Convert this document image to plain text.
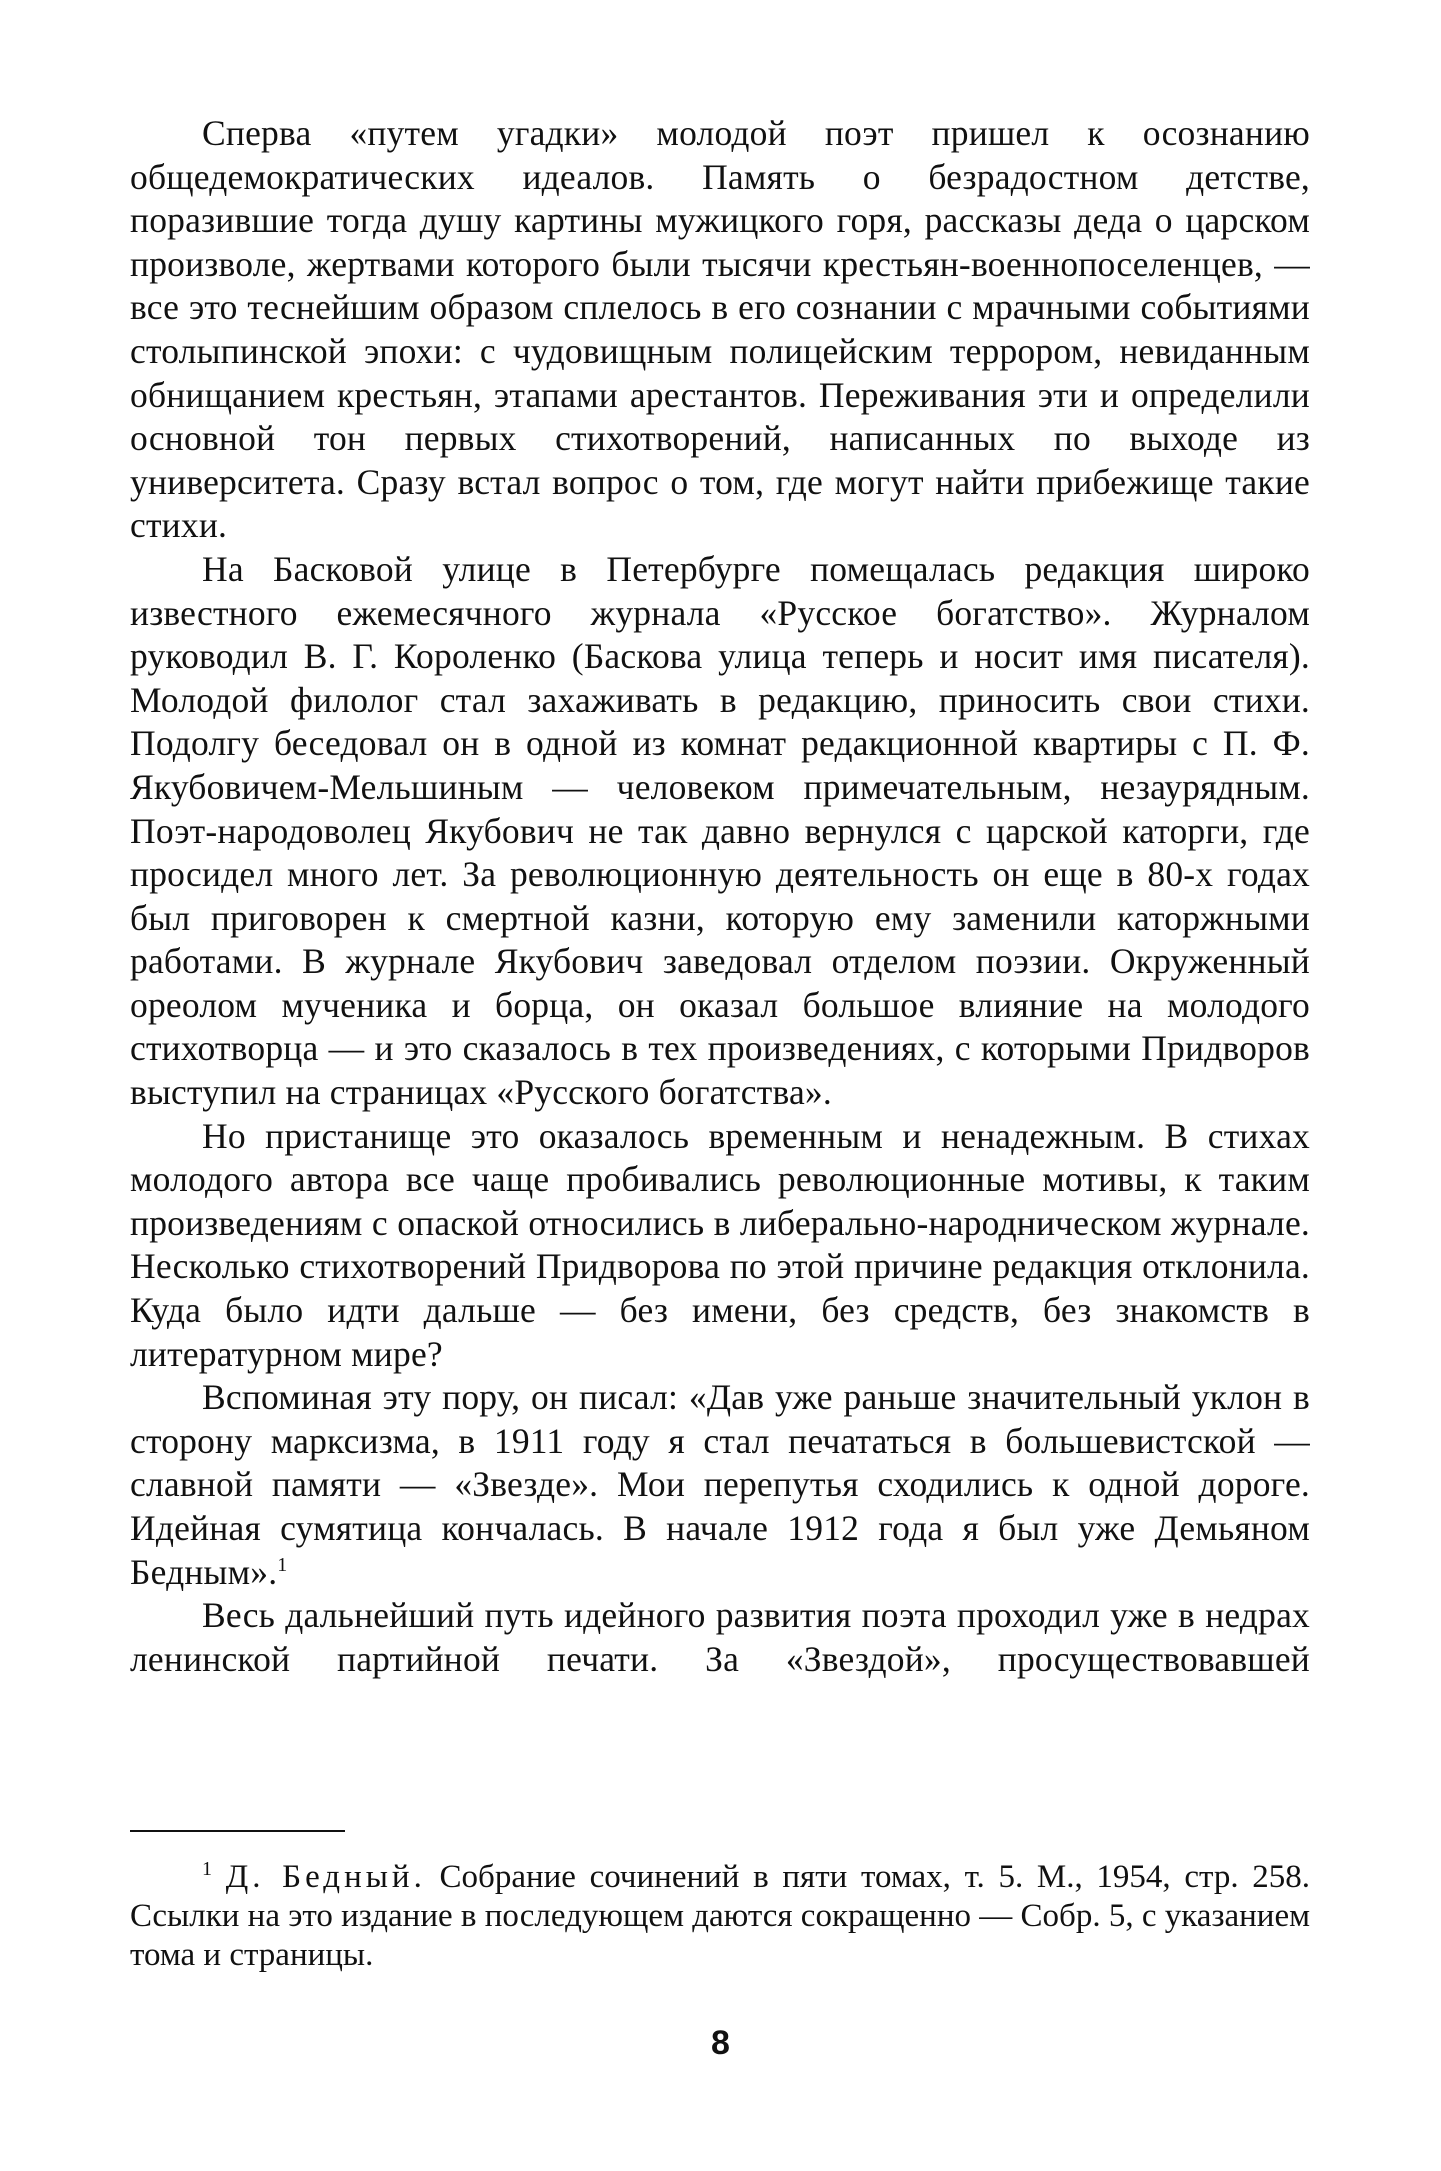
Сперва «путем угадки» молодой поэт пришел к осознанию общедемократических идеалов. Память о безрадостном детстве, поразившие тогда душу картины мужицкого горя, рассказы деда о царском произволе, жертвами которого были тысячи крестьян-военнопоселенцев, — все это теснейшим образом сплелось в его сознании с мрачными событиями столыпинской эпохи: с чудовищным полицейским террором, невиданным обнищанием крестьян, этапами арестантов. Переживания эти и определили основной тон первых стихотворений, написанных по выходе из университета. Сразу встал вопрос о том, где могут найти прибежище такие стихи.

На Басковой улице в Петербурге помещалась редакция широко известного ежемесячного журнала «Русское богатство». Журналом руководил В. Г. Короленко (Баскова улица теперь и носит имя писателя). Молодой филолог стал захаживать в редакцию, приносить свои стихи. Подолгу беседовал он в одной из комнат редакционной квартиры с П. Ф. Якубовичем-Мельшиным — человеком примечательным, незаурядным. Поэт-народоволец Якубович не так давно вернулся с царской каторги, где просидел много лет. За революционную деятельность он еще в 80-х годах был приговорен к смертной казни, которую ему заменили каторжными работами. В журнале Якубович заведовал отделом поэзии. Окруженный ореолом мученика и борца, он оказал большое влияние на молодого стихотворца — и это сказалось в тех произведениях, с которыми Придворов выступил на страницах «Русского богатства».

Но пристанище это оказалось временным и ненадежным. В стихах молодого автора все чаще пробивались революционные мотивы, к таким произведениям с опаской относились в либерально-народническом журнале. Несколько стихотворений Придворова по этой причине редакция отклонила. Куда было идти дальше — без имени, без средств, без знакомств в литературном мире?

Вспоминая эту пору, он писал: «Дав уже раньше значительный уклон в сторону марксизма, в 1911 году я стал печататься в большевистской — славной памяти — «Звезде». Мои перепутья сходились к одной дороге. Идейная сумятица кончалась. В начале 1912 года я был уже Демьяном Бедным».$^1$

Весь дальнейший путь идейного развития поэта проходил уже в недрах ленинской партийной печати. За «Звездой», просуществовавшей

$^1$ Д. Бедный. Собрание сочинений в пяти томах, т. 5. М., 1954, стр. 258. Ссылки на это издание в последующем даются сокращенно — Собр. 5, с указанием тома и страницы.

8
